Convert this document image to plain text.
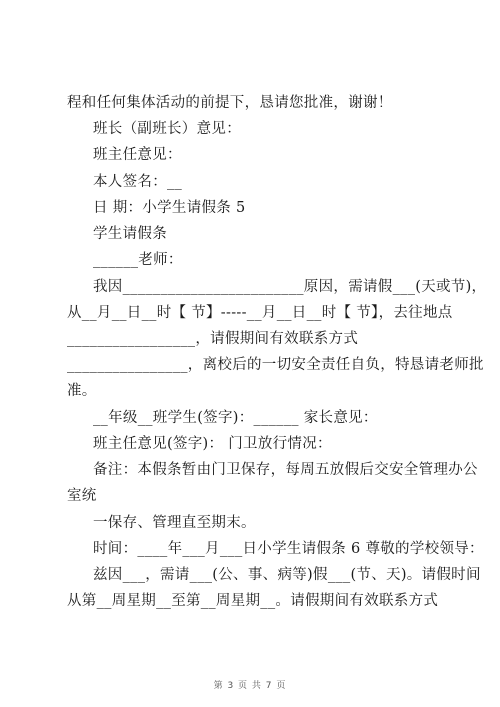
程和任何集体活动的前提下，恳请您批准，谢谢！
班长（副班长）意见：
班主任意见：
本人签名：__
日 期：小学生请假条 5
学生请假条
______老师：
我因________________________原因，需请假___(天或节)，
从__月__日__时【 节】-----__月__日__时【 节】，去往地点
_________________，请假期间有效联系方式
________________，离校后的一切安全责任自负，特恳请老师批
准。
__年级__班学生(签字)：______ 家长意见：
班主任意见(签字)： 门卫放行情况：
备注：本假条暂由门卫保存，每周五放假后交安全管理办公
室统
一保存、管理直至期末。
时间：____年___月___日小学生请假条 6 尊敬的学校领导：
兹因___，需请___(公、事、病等)假___(节、天)。请假时间
从第__周星期__至第__周星期__。请假期间有效联系方式
第 3 页 共 7 页
